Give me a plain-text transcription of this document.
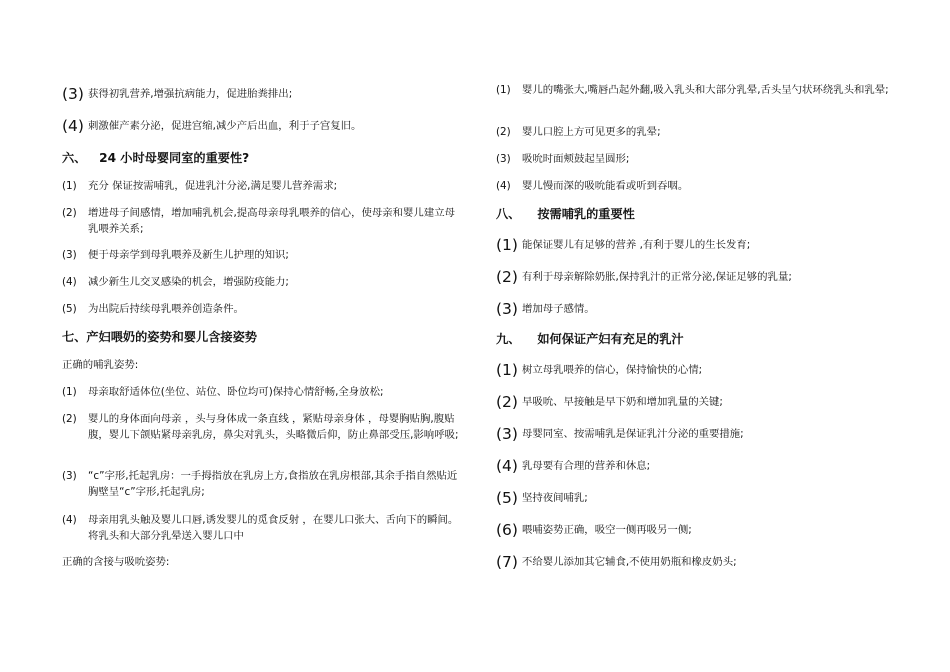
(3) 获得初乳营养,增强抗病能力，促进胎粪排出;
(4) 刺激催产素分泌，促进宫缩,减少产后出血，利于子宫复旧。
六、   24 小时母婴同室的重要性?
(1)	充分 保证按需哺乳，促进乳汁分泌,满足婴儿营养需求;
(2)	增进母子间感情，增加哺乳机会,提高母亲母乳喂养的信心，使母亲和婴儿建立母乳喂养关系;
(3)	便于母亲学到母乳喂养及新生儿护理的知识;
(4)	减少新生儿交叉感染的机会，增强防疫能力;
(5)	为出院后持续母乳喂养创造条件。
七、产妇喂奶的姿势和婴儿含接姿势
正确的哺乳姿势:
(1)	母亲取舒适体位(坐位、站位、卧位均可)保持心情舒畅,全身放松;
(2)	婴儿的身体面向母亲 ，头与身体成一条直线 ，紧贴母亲身体 ，母婴胸贴胸,腹贴腹，婴儿下颌贴紧母亲乳房，鼻尖对乳头，头略微后仰，防止鼻部受压,影响呼吸;
(3)	“c”字形,托起乳房：一手拇指放在乳房上方,食指放在乳房根部,其余手指自然贴近胸壁呈“c”字形,托起乳房;
(4)	母亲用乳头触及婴儿口唇,诱发婴儿的觅食反射 ，在婴儿口张大、舌向下的瞬间。将乳头和大部分乳晕送入婴儿口中
正确的含接与吸吮姿势:
(1)	婴儿的嘴张大,嘴唇凸起外翻,吸入乳头和大部分乳晕,舌头呈勺状环绕乳头和乳晕;
(2)	婴儿口腔上方可见更多的乳晕;
(3)	吸吮时面颊鼓起呈圆形;
(4)	婴儿慢而深的吸吮能看或听到吞咽。
八、    按需哺乳的重要性
(1) 能保证婴儿有足够的营养 ,有利于婴儿的生长发育;
(2) 有利于母亲解除奶胀,保持乳汁的正常分泌,保证足够的乳量;
(3) 增加母子感情。
九、    如何保证产妇有充足的乳汁
(1) 树立母乳喂养的信心，保持愉快的心情;
(2) 早吸吮、早接触是早下奶和增加乳量的关键;
(3) 母婴同室、按需哺乳是保证乳汁分泌的重要措施;
(4) 乳母要有合理的营养和休息;
(5) 坚持夜间哺乳;
(6) 喂哺姿势正确，吸空一侧再吸另一侧;
(7) 不给婴儿添加其它辅食,不使用奶瓶和橡皮奶头;
